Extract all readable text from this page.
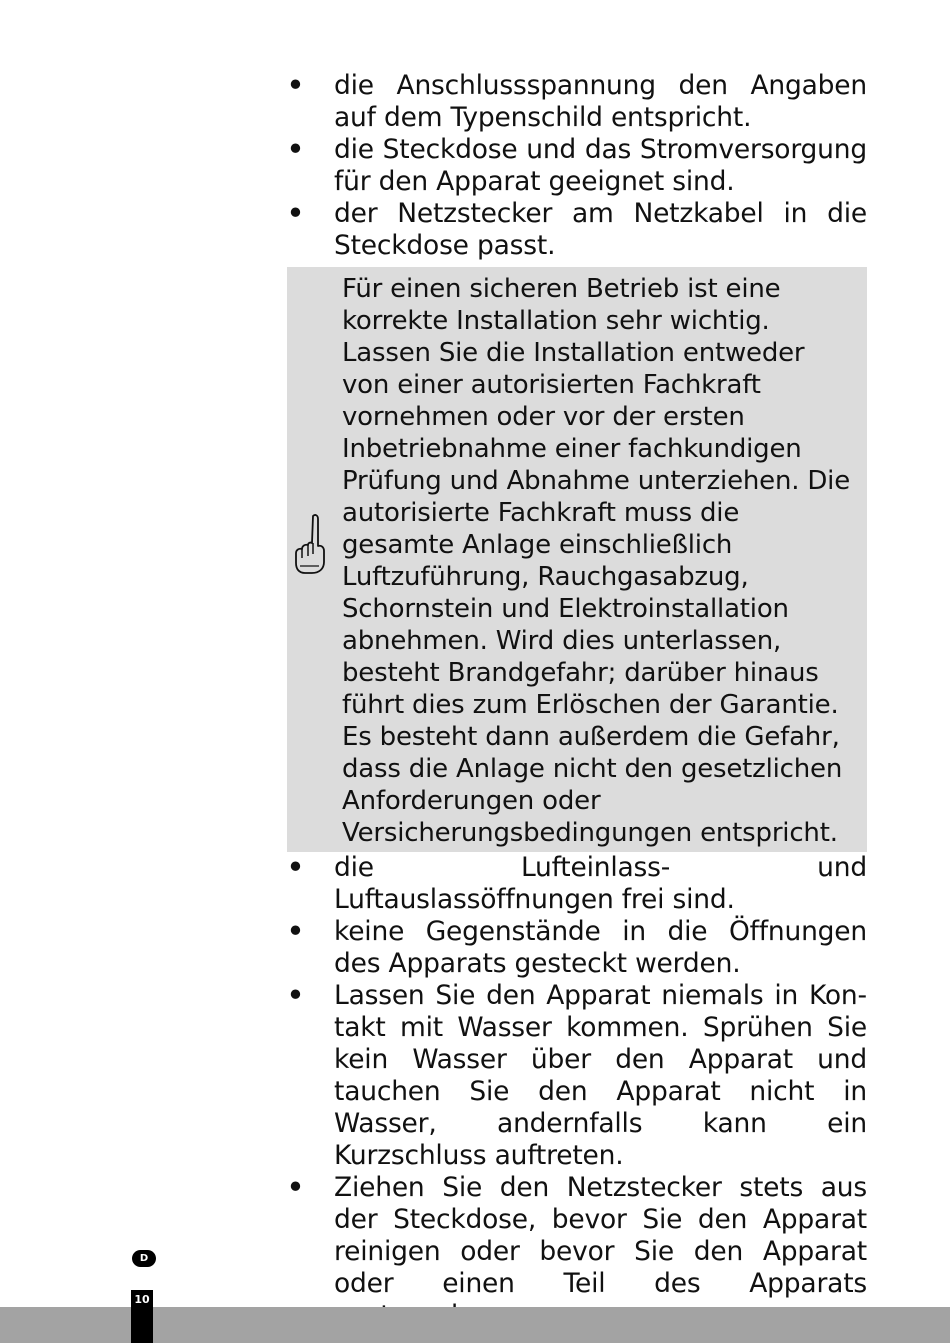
• die Anschlussspannung den Angaben auf dem Typenschild entspricht.
• die Steckdose und das Stromversorgung für den Apparat geeignet sind.
• der Netzstecker am Netzkabel in die Steckdose passt.

Für einen sicheren Betrieb ist eine korrekte Installation sehr wichtig. Lassen Sie die Installation entweder von einer autorisierten Fachkraft vornehmen oder vor der ersten Inbetriebnahme einer fachkundigen Prüfung und Abnahme unterziehen. Die autorisierte Fachkraft muss die gesamte Anlage einschließlich Luftzuführung, Rauchgasabzug, Schornstein und Elektroinstallation abnehmen. Wird dies unterlassen, besteht Brandgefahr; darüber hinaus führt dies zum Erlöschen der Garantie. Es besteht dann außerdem die Gefahr, dass die Anlage nicht den gesetzlichen Anforderungen oder Versicherungsbedingungen entspricht.

• die Lufteinlass- und Luftauslassöffnungen frei sind.
• keine Gegenstände in die Öffnungen des Apparats gesteckt werden.
• Lassen Sie den Apparat niemals in Kontakt mit Wasser kommen. Sprühen Sie kein Wasser über den Apparat und tauchen Sie den Apparat nicht in Wasser, andernfalls kann ein Kurzschluss auftreten.
• Ziehen Sie den Netzstecker stets aus der Steckdose, bevor Sie den Apparat reinigen oder bevor Sie den Apparat oder einen Teil des Apparats
D
10
